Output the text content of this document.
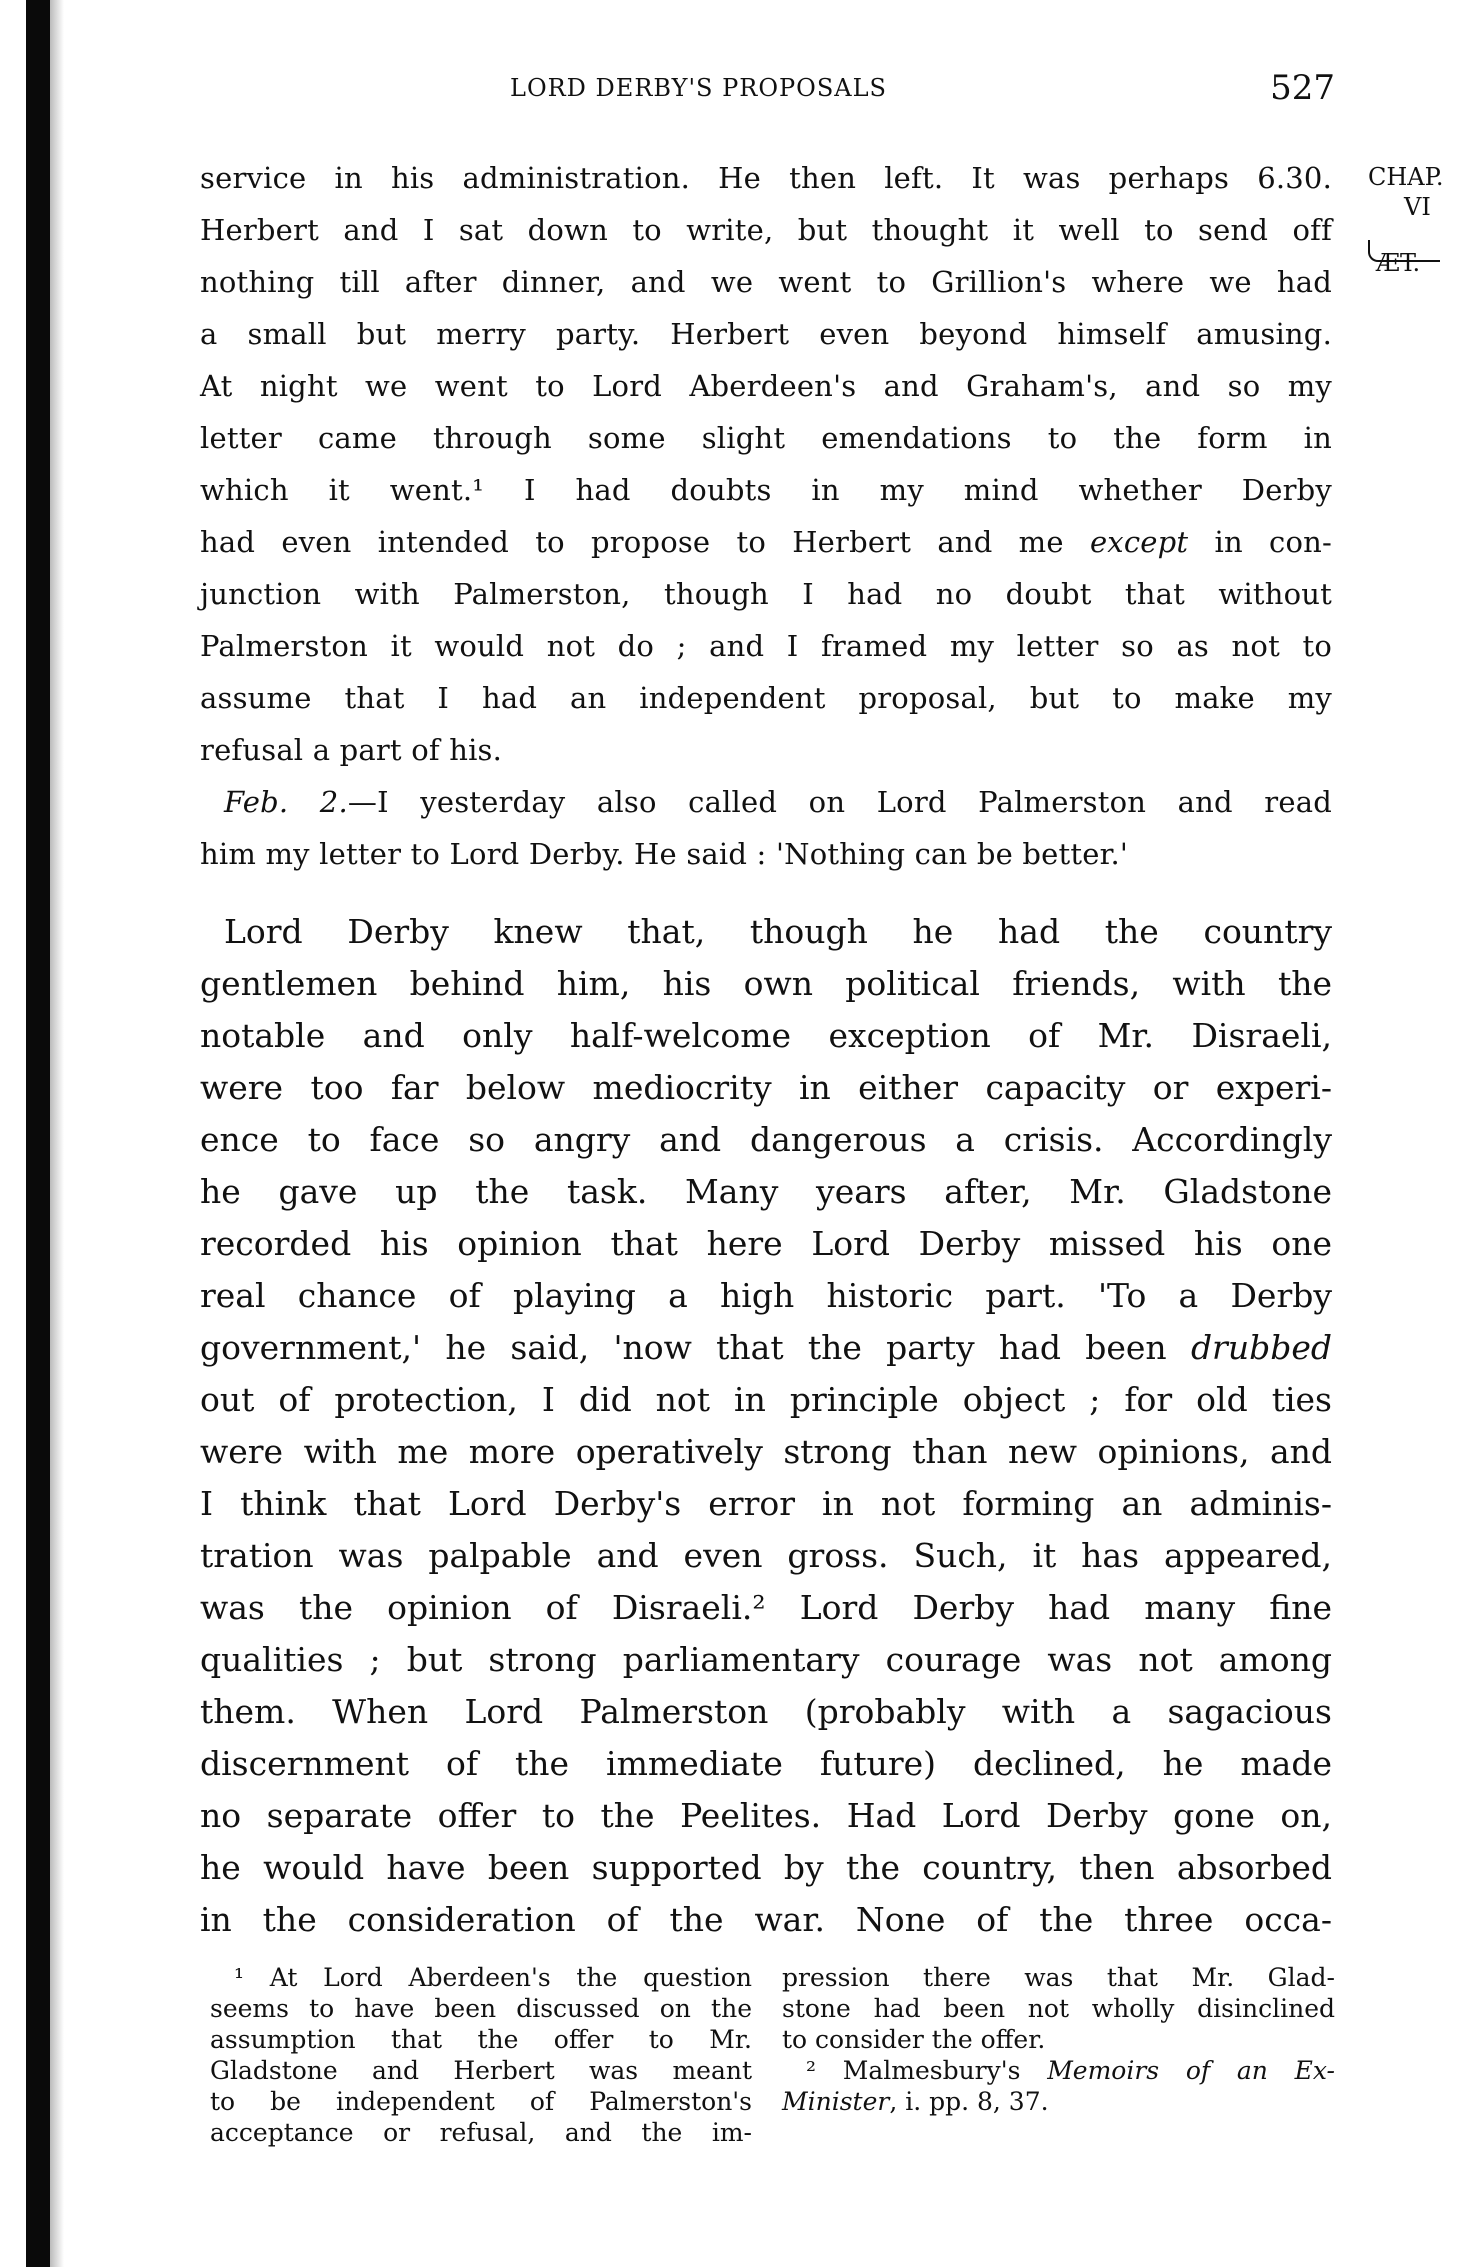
LORD DERBY'S PROPOSALS	527
CHAP.
VI
ÆT.
service in his administration. He then left. It was perhaps 6.30.
Herbert and I sat down to write, but thought it well to send off
nothing till after dinner, and we went to Grillion's where we had
a small but merry party. Herbert even beyond himself amusing.
At night we went to Lord Aberdeen's and Graham's, and so my
letter came through some slight emendations to the form in
which it went.¹ I had doubts in my mind whether Derby
had even intended to propose to Herbert and me except in con-
junction with Palmerston, though I had no doubt that without
Palmerston it would not do ; and I framed my letter so as not to
assume that I had an independent proposal, but to make my
refusal a part of his.
Feb. 2.—I yesterday also called on Lord Palmerston and read
him my letter to Lord Derby. He said : 'Nothing can be better.'
Lord Derby knew that, though he had the country
gentlemen behind him, his own political friends, with the
notable and only half-welcome exception of Mr. Disraeli,
were too far below mediocrity in either capacity or experi-
ence to face so angry and dangerous a crisis. Accordingly
he gave up the task. Many years after, Mr. Gladstone
recorded his opinion that here Lord Derby missed his one
real chance of playing a high historic part. 'To a Derby
government,' he said, 'now that the party had been drubbed
out of protection, I did not in principle object ; for old ties
were with me more operatively strong than new opinions, and
I think that Lord Derby's error in not forming an adminis-
tration was palpable and even gross. Such, it has appeared,
was the opinion of Disraeli.² Lord Derby had many fine
qualities ; but strong parliamentary courage was not among
them. When Lord Palmerston (probably with a sagacious
discernment of the immediate future) declined, he made
no separate offer to the Peelites. Had Lord Derby gone on,
he would have been supported by the country, then absorbed
in the consideration of the war. None of the three occa-
¹ At Lord Aberdeen's the question
seems to have been discussed on the
assumption that the offer to Mr.
Gladstone and Herbert was meant
to be independent of Palmerston's
acceptance or refusal, and the im-
pression there was that Mr. Glad-
stone had been not wholly disinclined
to consider the offer.
² Malmesbury's Memoirs of an Ex-
Minister, i. pp. 8, 37.
